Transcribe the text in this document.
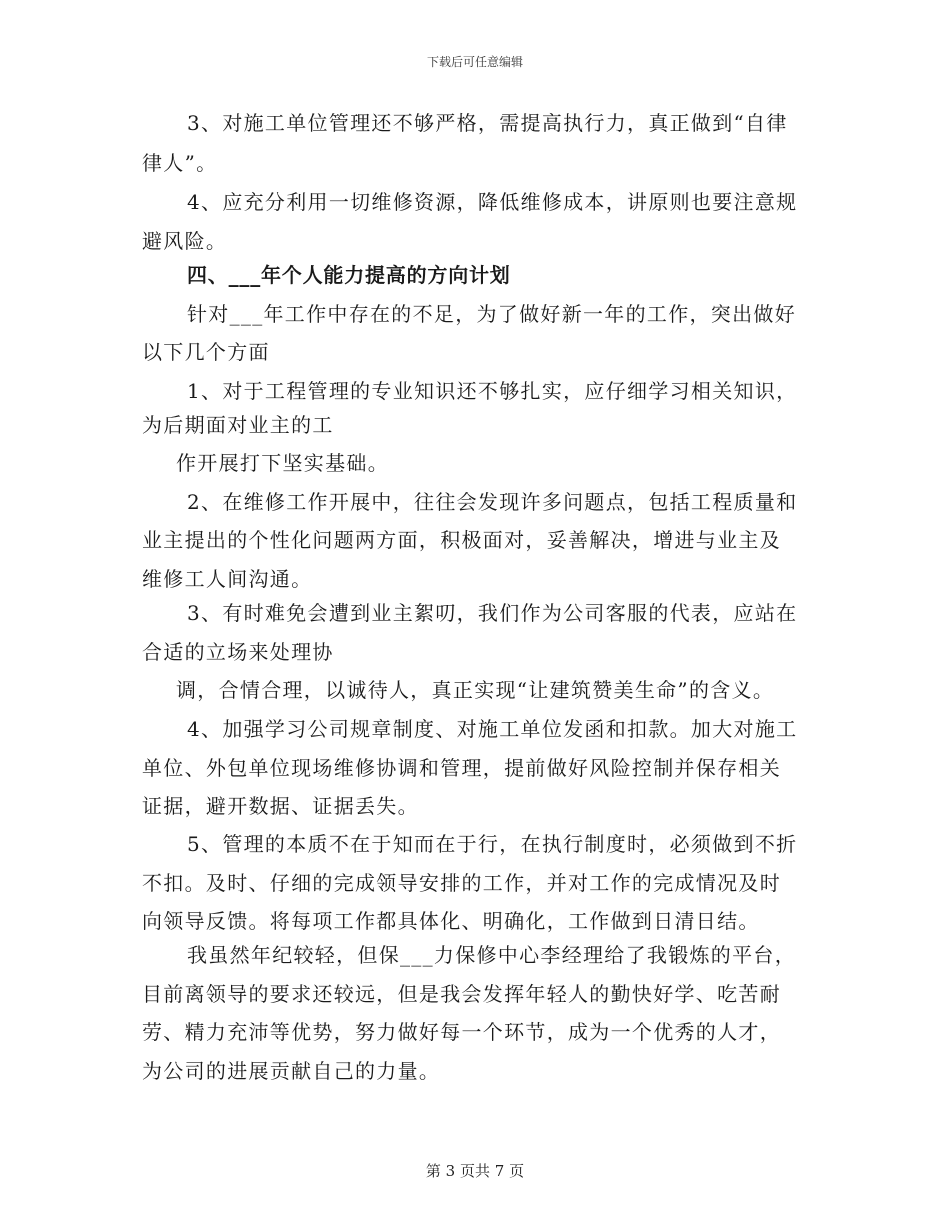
下载后可任意编辑
3、对施工单位管理还不够严格，需提高执行力，真正做到“自律
律人”。
4、应充分利用一切维修资源，降低维修成本，讲原则也要注意规
避风险。
四、___年个人能力提高的方向计划
针对___年工作中存在的不足，为了做好新一年的工作，突出做好
以下几个方面
1、对于工程管理的专业知识还不够扎实，应仔细学习相关知识，
为后期面对业主的工
作开展打下坚实基础。
2、在维修工作开展中，往往会发现许多问题点，包括工程质量和
业主提出的个性化问题两方面，积极面对，妥善解决，增进与业主及
维修工人间沟通。
3、有时难免会遭到业主絮叨，我们作为公司客服的代表，应站在
合适的立场来处理协
调，合情合理，以诚待人，真正实现“让建筑赞美生命”的含义。
4、加强学习公司规章制度、对施工单位发函和扣款。加大对施工
单位、外包单位现场维修协调和管理，提前做好风险控制并保存相关
证据，避开数据、证据丢失。
5、管理的本质不在于知而在于行，在执行制度时，必须做到不折
不扣。及时、仔细的完成领导安排的工作，并对工作的完成情况及时
向领导反馈。将每项工作都具体化、明确化，工作做到日清日结。
我虽然年纪较轻，但保___力保修中心李经理给了我锻炼的平台，
目前离领导的要求还较远，但是我会发挥年轻人的勤快好学、吃苦耐
劳、精力充沛等优势，努力做好每一个环节，成为一个优秀的人才，
为公司的进展贡献自己的力量。
第 3 页共 7 页
